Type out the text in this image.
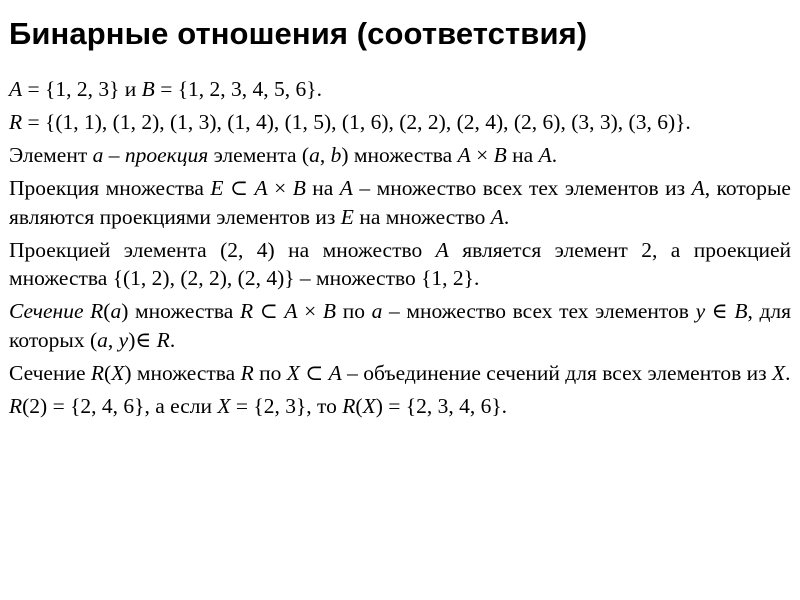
Бинарные отношения (соответствия)

A = {1, 2, 3} и B = {1, 2, 3, 4, 5, 6}.

R = {(1, 1), (1, 2), (1, 3), (1, 4), (1, 5), (1, 6), (2, 2), (2, 4), (2, 6), (3, 3), (3, 6)}.

Элемент a – проекция элемента (a, b) множества A × B на A.

Проекция множества E ⊂ A × B на A – множество всех тех элементов из A, которые являются проекциями элементов из E на множество A.

Проекцией элемента (2, 4) на множество A является элемент 2, а проекцией множества {(1, 2), (2, 2), (2, 4)} – множество {1, 2}.

Сечение R(a) множества R ⊂ A × B по a – множество всех тех элементов y ∈ B, для которых (a, y)∈ R.

Сечение R(X) множества R по X ⊂ A – объединение сечений для всех элементов из X.

R(2) = {2, 4, 6}, а если X = {2, 3}, то R(X) = {2, 3, 4, 6}.
